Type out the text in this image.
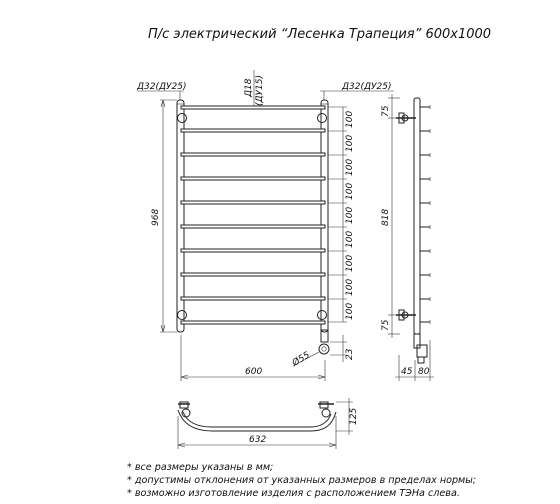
П/с электрический “Лесенка Трапеция” 600х1000
968
Д32(ДУ25)	Д32(ДУ25)
Д18 (ДУ15)
100
100
100
100
100
100
100
100
100
Ø55	23
600
75
818
75
45 80
632
125
* все размеры указаны в мм;
* допустимы отклонения от указанных размеров в пределах нормы;
* возможно изготовление изделия с расположением ТЭНа слева.
